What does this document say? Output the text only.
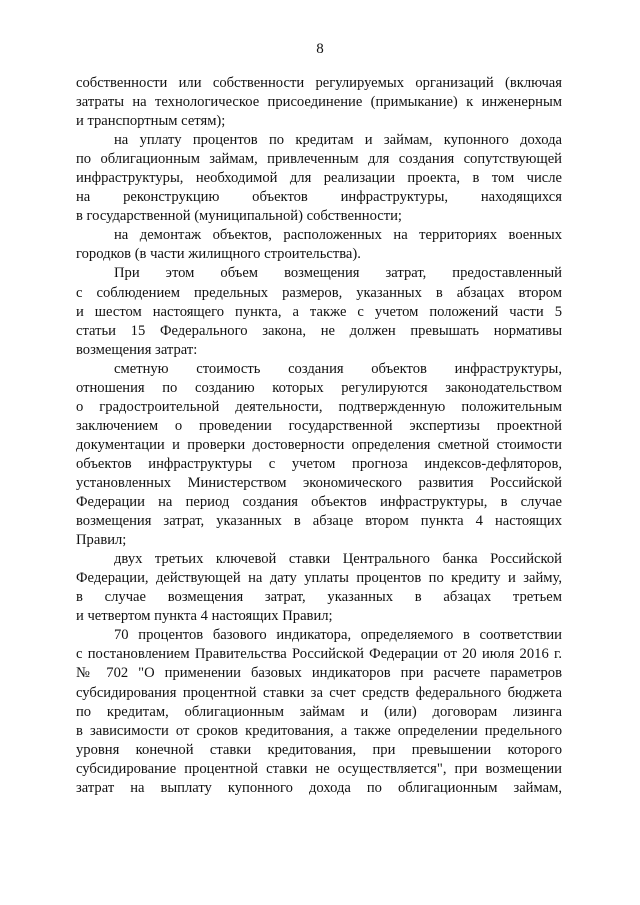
8
собственности или собственности регулируемых организаций (включая
затраты на технологическое присоединение (примыкание) к инженерным
и транспортным сетям);
на уплату процентов по кредитам и займам, купонного дохода
по облигационным займам, привлеченным для создания сопутствующей
инфраструктуры, необходимой для реализации проекта, в том числе
на реконструкцию объектов инфраструктуры, находящихся
в государственной (муниципальной) собственности;
на демонтаж объектов, расположенных на территориях военных
городков (в части жилищного строительства).
При этом объем возмещения затрат, предоставленный
с соблюдением предельных размеров, указанных в абзацах втором
и шестом настоящего пункта, а также с учетом положений части 5
статьи 15 Федерального закона, не должен превышать нормативы
возмещения затрат:
сметную стоимость создания объектов инфраструктуры,
отношения по созданию которых регулируются законодательством
о градостроительной деятельности, подтвержденную положительным
заключением о проведении государственной экспертизы проектной
документации и проверки достоверности определения сметной стоимости
объектов инфраструктуры с учетом прогноза индексов-дефляторов,
установленных Министерством экономического развития Российской
Федерации на период создания объектов инфраструктуры, в случае
возмещения затрат, указанных в абзаце втором пункта 4 настоящих
Правил;
двух третьих ключевой ставки Центрального банка Российской
Федерации, действующей на дату уплаты процентов по кредиту и займу,
в случае возмещения затрат, указанных в абзацах третьем
и четвертом пункта 4 настоящих Правил;
70 процентов базового индикатора, определяемого в соответствии
с постановлением Правительства Российской Федерации от 20 июля 2016 г.
№ 702 "О применении базовых индикаторов при расчете параметров
субсидирования процентной ставки за счет средств федерального бюджета
по кредитам, облигационным займам и (или) договорам лизинга
в зависимости от сроков кредитования, а также определении предельного
уровня конечной ставки кредитования, при превышении которого
субсидирование процентной ставки не осуществляется", при возмещении
затрат на выплату купонного дохода по облигационным займам,
